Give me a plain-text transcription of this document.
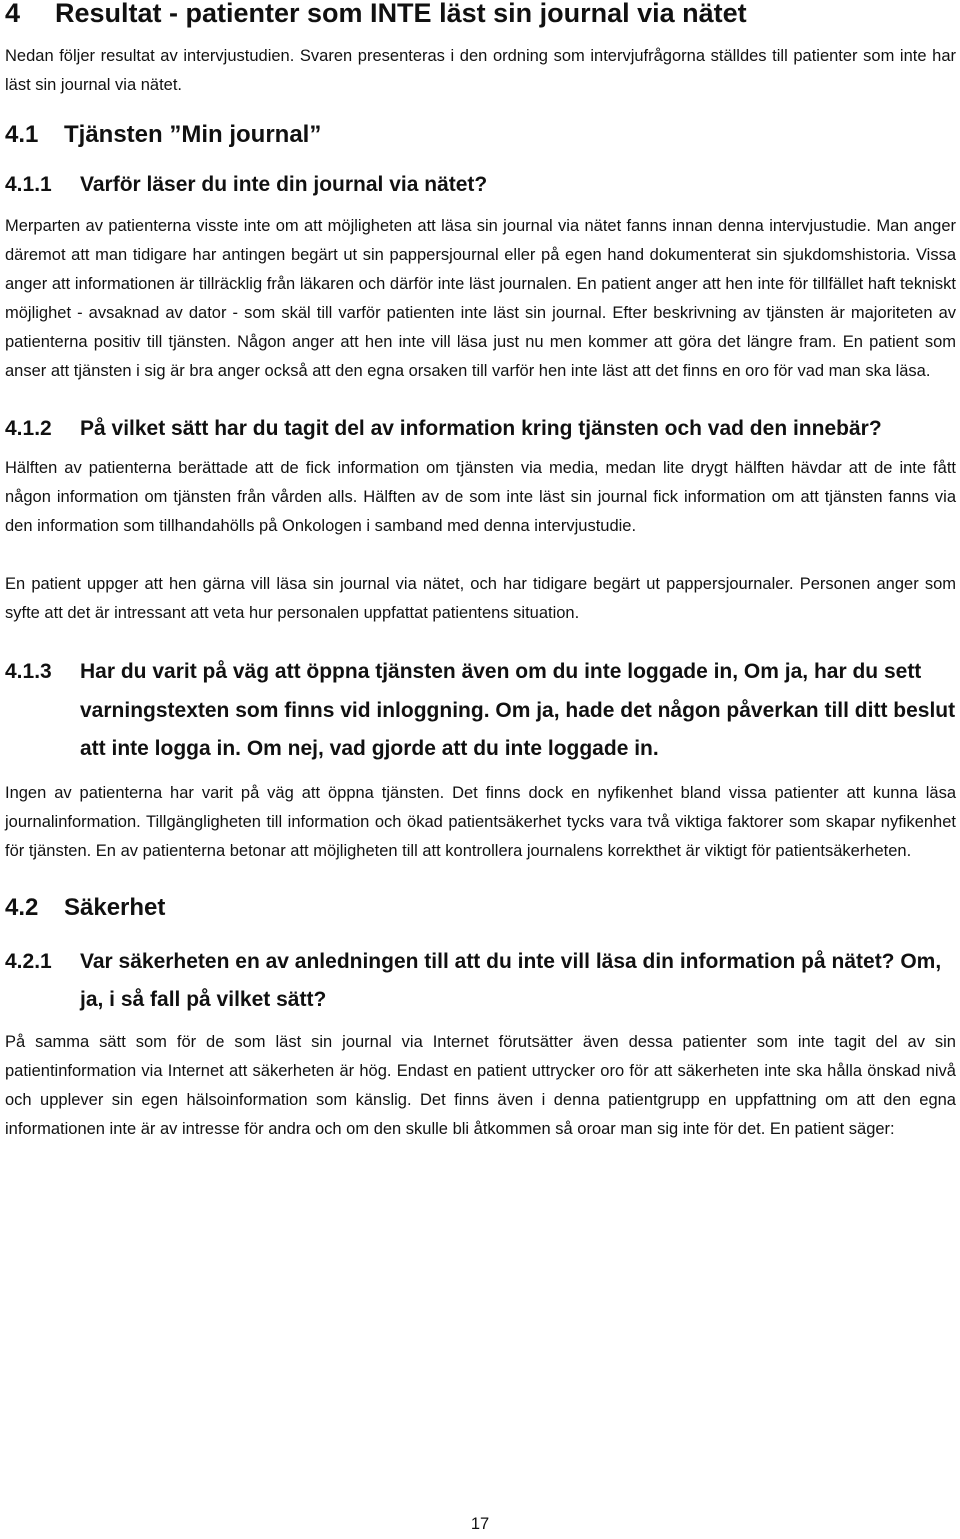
4	Resultat - patienter som INTE läst sin journal via nätet

Nedan följer resultat av intervjustudien. Svaren presenteras i den ordning som intervjufrågorna ställdes till patienter som inte har läst sin journal via nätet.

4.1	Tjänsten ”Min journal”
4.1.1	Varför läser du inte din journal via nätet?

Merparten av patienterna visste inte om att möjligheten att läsa sin journal via nätet fanns innan denna intervjustudie. Man anger däremot att man tidigare har antingen begärt ut sin pappersjournal eller på egen hand dokumenterat sin sjukdomshistoria. Vissa anger att informationen är tillräcklig från läkaren och därför inte läst journalen. En patient anger att hen inte för tillfället haft tekniskt möjlighet - avsaknad av dator - som skäl till varför patienten inte läst sin journal. Efter beskrivning av tjänsten är majoriteten av patienterna positiv till tjänsten. Någon anger att hen inte vill läsa just nu men kommer att göra det längre fram. En patient som anser att tjänsten i sig är bra anger också att den egna orsaken till varför hen inte läst att det finns en oro för vad man ska läsa.

4.1.2	På vilket sätt har du tagit del av information kring tjänsten och vad den innebär?

Hälften av patienterna berättade att de fick information om tjänsten via media, medan lite drygt hälften hävdar att de inte fått någon information om tjänsten från vården alls. Hälften av de som inte läst sin journal fick information om att tjänsten fanns via den information som tillhandahölls på Onkologen i samband med denna intervjustudie.

En patient uppger att hen gärna vill läsa sin journal via nätet, och har tidigare begärt ut pappersjournaler. Personen anger som syfte att det är intressant att veta hur personalen uppfattat patientens situation.

4.1.3	Har du varit på väg att öppna tjänsten även om du inte loggade in, Om ja, har du sett varningstexten som finns vid inloggning. Om ja, hade det någon påverkan till ditt beslut att inte logga in. Om nej, vad gjorde att du inte loggade in.

Ingen av patienterna har varit på väg att öppna tjänsten. Det finns dock en nyfikenhet bland vissa patienter att kunna läsa journalinformation. Tillgängligheten till information och ökad patientsäkerhet tycks vara två viktiga faktorer som skapar nyfikenhet för tjänsten. En av patienterna betonar att möjligheten till att kontrollera journalens korrekthet är viktigt för patientsäkerheten.

4.2	Säkerhet
4.2.1	Var säkerheten en av anledningen till att du inte vill läsa din information på nätet? Om, ja, i så fall på vilket sätt?

På samma sätt som för de som läst sin journal via Internet förutsätter även dessa patienter som inte tagit del av sin patientinformation via Internet att säkerheten är hög. Endast en patient uttrycker oro för att säkerheten inte ska hålla önskad nivå och upplever sin egen hälsoinformation som känslig. Det finns även i denna patientgrupp en uppfattning om att den egna informationen inte är av intresse för andra och om den skulle bli åtkommen så oroar man sig inte för det. En patient säger:

17
